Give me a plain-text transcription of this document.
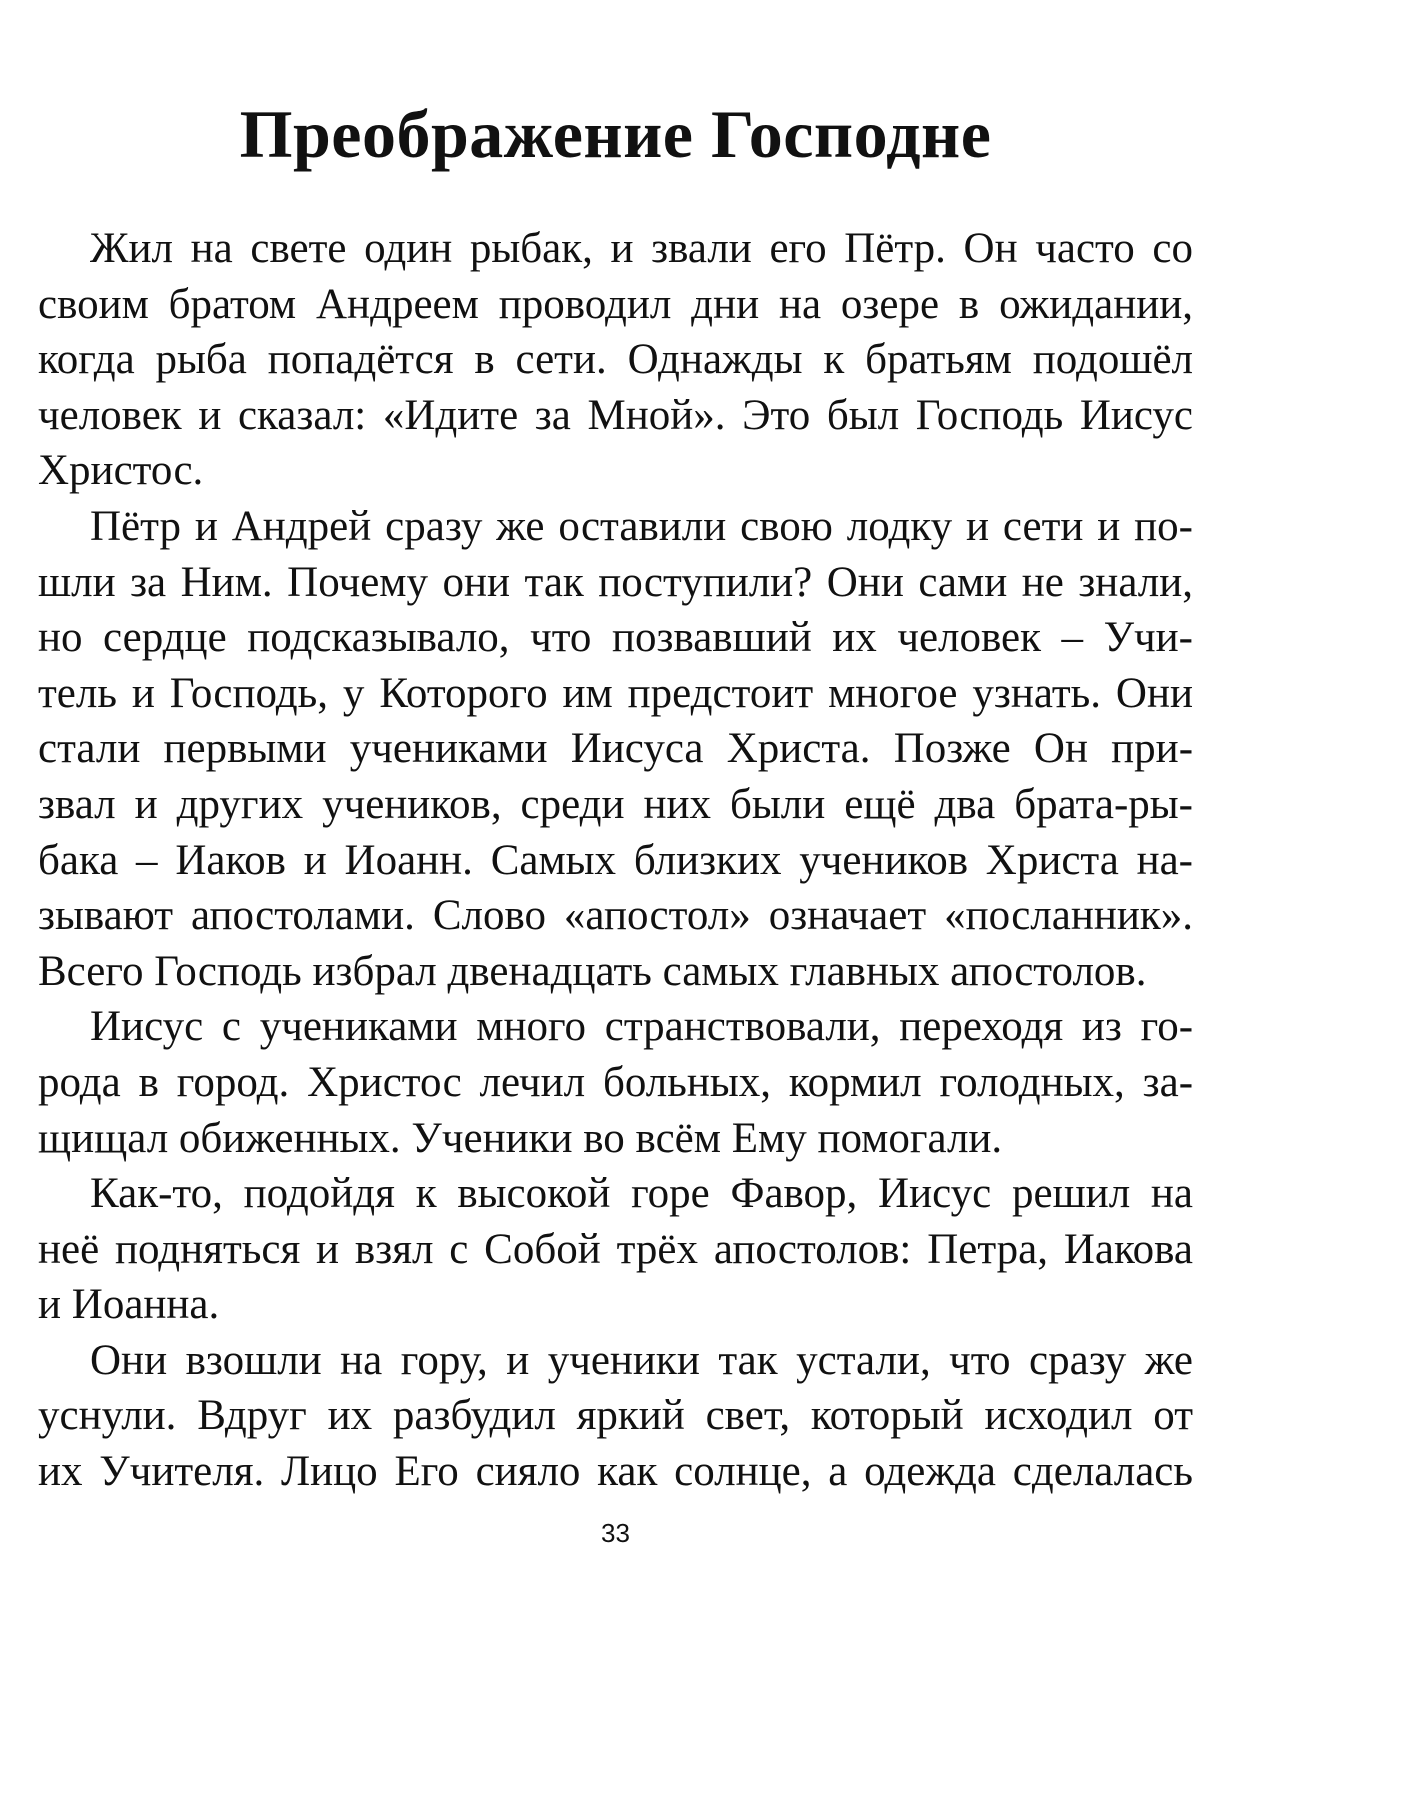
Преображение Господне

Жил на свете один рыбак, и звали его Пётр. Он часто со
своим братом Андреем проводил дни на озере в ожидании,
когда рыба попадётся в сети. Однажды к братьям подошёл
человек и сказал: «Идите за Мной». Это был Господь Иисус
Христос.

Пётр и Андрей сразу же оставили свою лодку и сети и по-
шли за Ним. Почему они так поступили? Они сами не знали,
но сердце подсказывало, что позвавший их человек – Учи-
тель и Господь, у Которого им предстоит многое узнать. Они
стали первыми учениками Иисуса Христа. Позже Он при-
звал и других учеников, среди них были ещё два брата-ры-
бака – Иаков и Иоанн. Самых близких учеников Христа на-
зывают апостолами. Слово «апостол» означает «посланник».
Всего Господь избрал двенадцать самых главных апостолов.

Иисус с учениками много странствовали, переходя из го-
рода в город. Христос лечил больных, кормил голодных, за-
щищал обиженных. Ученики во всём Ему помогали.

Как-то, подойдя к высокой горе Фавор, Иисус решил на
неё подняться и взял с Собой трёх апостолов: Петра, Иакова
и Иоанна.

Они взошли на гору, и ученики так устали, что сразу же
уснули. Вдруг их разбудил яркий свет, который исходил от
их Учителя. Лицо Его сияло как солнце, а одежда сделалась

33
